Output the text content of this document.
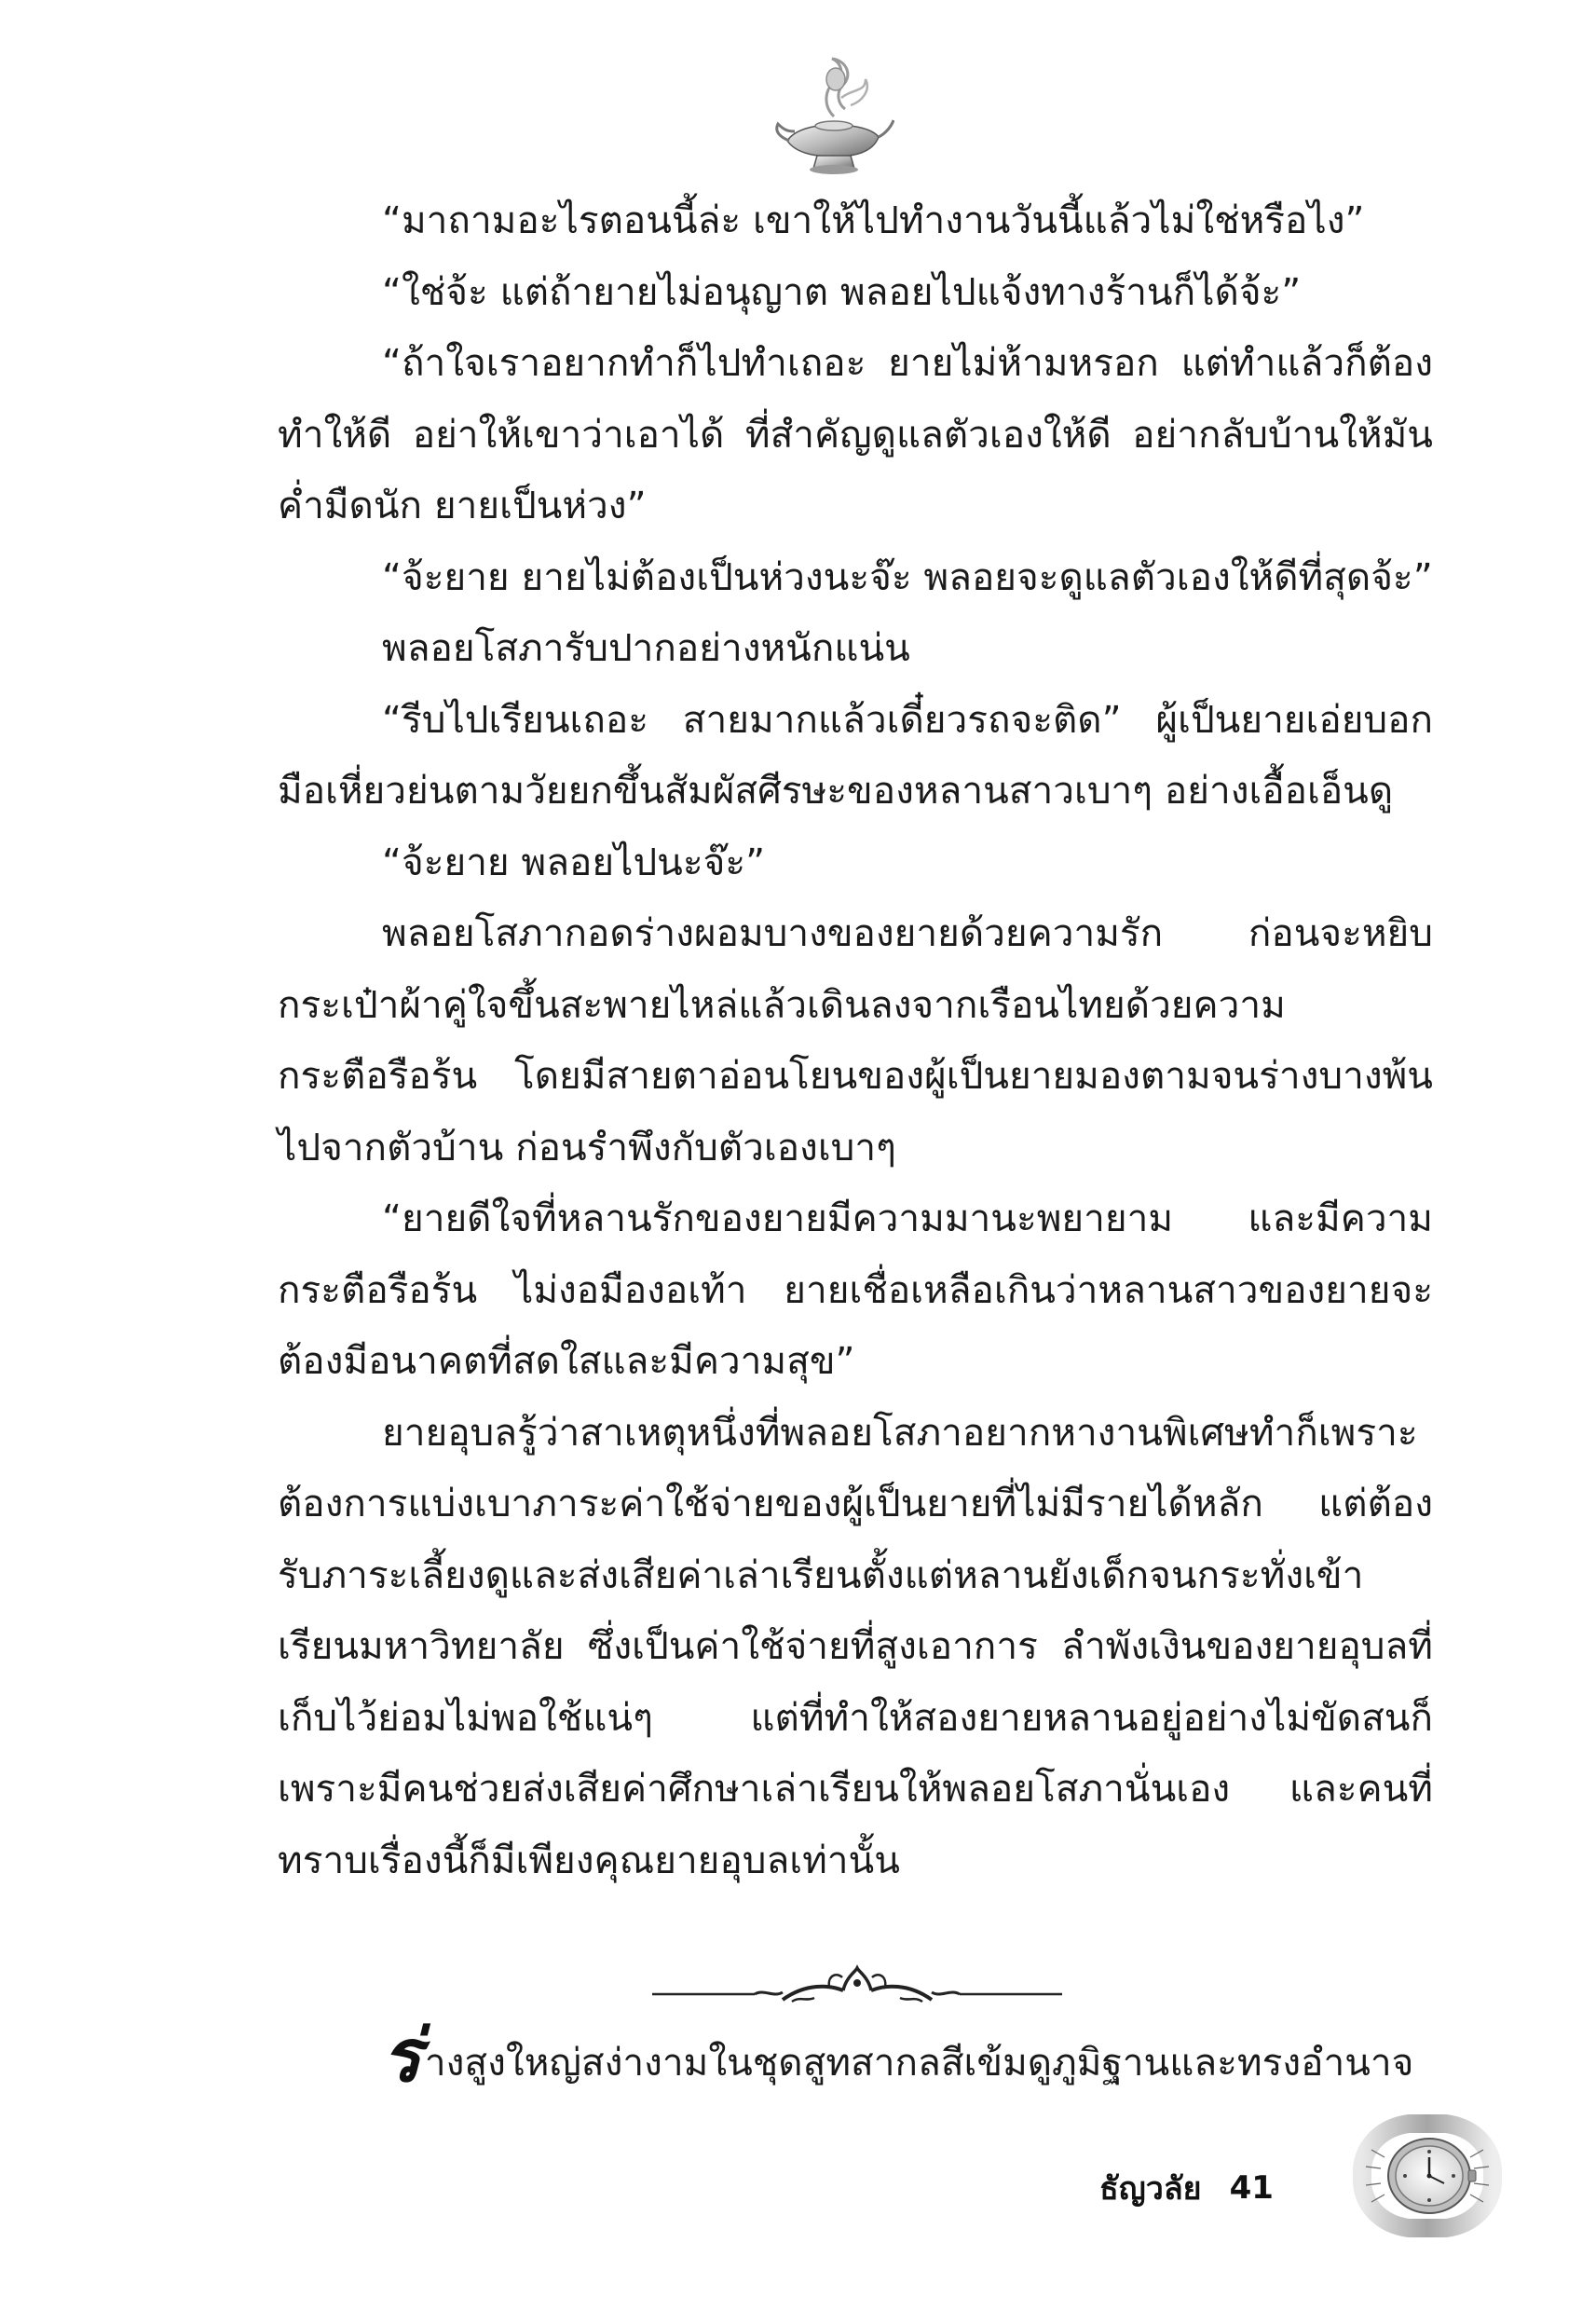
“มาถามอะไรตอนนี้ล่ะ เขาให้ไปทำงานวันนี้แล้วไม่ใช่หรือไง”

“ใช่จ้ะ แต่ถ้ายายไม่อนุญาต พลอยไปแจ้งทางร้านก็ได้จ้ะ”

“ถ้าใจเราอยากทำก็ไปทำเถอะ ยายไม่ห้ามหรอก แต่ทำแล้วก็ต้องทำให้ดี อย่าให้เขาว่าเอาได้ ที่สำคัญดูแลตัวเองให้ดี อย่ากลับบ้านให้มันค่ำมืดนัก ยายเป็นห่วง”

“จ้ะยาย ยายไม่ต้องเป็นห่วงนะจ๊ะ พลอยจะดูแลตัวเองให้ดีที่สุดจ้ะ”

พลอยโสภารับปากอย่างหนักแน่น

“รีบไปเรียนเถอะ สายมากแล้วเดี๋ยวรถจะติด” ผู้เป็นยายเอ่ยบอก มือเหี่ยวย่นตามวัยยกขึ้นสัมผัสศีรษะของหลานสาวเบาๆ อย่างเอื้อเอ็นดู

“จ้ะยาย พลอยไปนะจ๊ะ”

พลอยโสภากอดร่างผอมบางของยายด้วยความรัก ก่อนจะหยิบกระเป๋าผ้าคู่ใจขึ้นสะพายไหล่แล้วเดินลงจากเรือนไทยด้วยความกระตือรือร้น โดยมีสายตาอ่อนโยนของผู้เป็นยายมองตามจนร่างบางพ้นไปจากตัวบ้าน ก่อนรำพึงกับตัวเองเบาๆ

“ยายดีใจที่หลานรักของยายมีความมานะพยายาม และมีความกระตือรือร้น ไม่งอมืองอเท้า ยายเชื่อเหลือเกินว่าหลานสาวของยายจะต้องมีอนาคตที่สดใสและมีความสุข”

ยายอุบลรู้ว่าสาเหตุหนึ่งที่พลอยโสภาอยากหางานพิเศษทำก็เพราะต้องการแบ่งเบาภาระค่าใช้จ่ายของผู้เป็นยายที่ไม่มีรายได้หลัก แต่ต้องรับภาระเลี้ยงดูและส่งเสียค่าเล่าเรียนตั้งแต่หลานยังเด็กจนกระทั่งเข้าเรียนมหาวิทยาลัย ซึ่งเป็นค่าใช้จ่ายที่สูงเอาการ ลำพังเงินของยายอุบลที่เก็บไว้ย่อมไม่พอใช้แน่ๆ แต่ที่ทำให้สองยายหลานอยู่อย่างไม่ขัดสนก็เพราะมีคนช่วยส่งเสียค่าศึกษาเล่าเรียนให้พลอยโสภานั่นเอง และคนที่ทราบเรื่องนี้ก็มีเพียงคุณยายอุบลเท่านั้น

ร่างสูงใหญ่สง่างามในชุดสูทสากลสีเข้มดูภูมิฐานและทรงอำนาจ
ธัญวลัย 41
